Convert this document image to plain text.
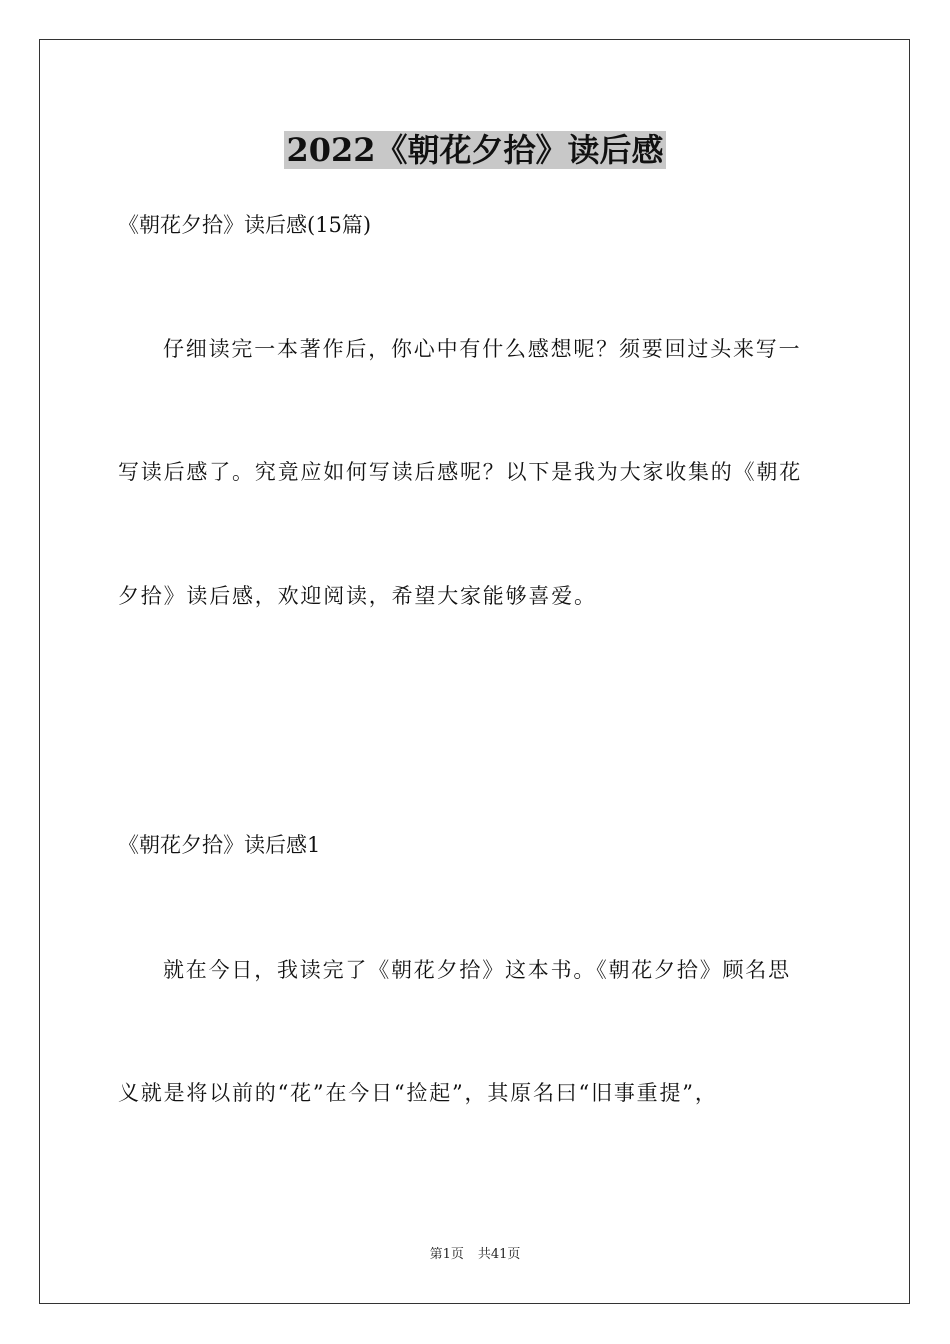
2022《朝花夕拾》读后感
《朝花夕拾》读后感(15篇)
仔细读完一本著作后，你心中有什么感想呢？须要回过头来写一
写读后感了。究竟应如何写读后感呢？以下是我为大家收集的《朝花
夕拾》读后感，欢迎阅读，希望大家能够喜爱。
《朝花夕拾》读后感1
就在今日，我读完了《朝花夕拾》这本书。《朝花夕拾》顾名思
义就是将以前的“花”在今日“捡起”，其原名曰“旧事重提”，
第1页 共41页
